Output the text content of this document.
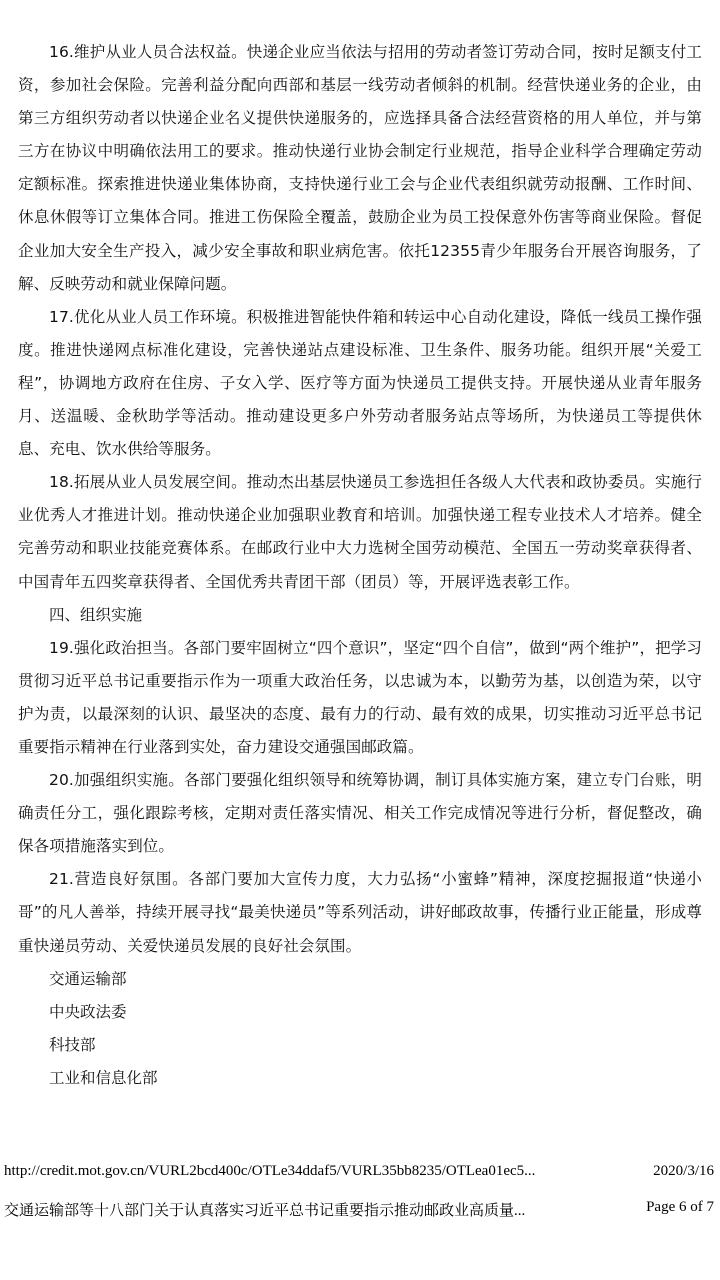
16.维护从业人员合法权益。快递企业应当依法与招用的劳动者签订劳动合同，按时足额支付工资，参加社会保险。完善利益分配向西部和基层一线劳动者倾斜的机制。经营快递业务的企业，由第三方组织劳动者以快递企业名义提供快递服务的，应选择具备合法经营资格的用人单位，并与第三方在协议中明确依法用工的要求。推动快递行业协会制定行业规范，指导企业科学合理确定劳动定额标准。探索推进快递业集体协商，支持快递行业工会与企业代表组织就劳动报酬、工作时间、休息休假等订立集体合同。推进工伤保险全覆盖，鼓励企业为员工投保意外伤害等商业保险。督促企业加大安全生产投入，减少安全事故和职业病危害。依托12355青少年服务台开展咨询服务，了解、反映劳动和就业保障问题。

17.优化从业人员工作环境。积极推进智能快件箱和转运中心自动化建设，降低一线员工操作强度。推进快递网点标准化建设，完善快递站点建设标准、卫生条件、服务功能。组织开展“关爱工程”，协调地方政府在住房、子女入学、医疗等方面为快递员工提供支持。开展快递从业青年服务月、送温暖、金秋助学等活动。推动建设更多户外劳动者服务站点等场所，为快递员工等提供休息、充电、饮水供给等服务。

18.拓展从业人员发展空间。推动杰出基层快递员工参选担任各级人大代表和政协委员。实施行业优秀人才推进计划。推动快递企业加强职业教育和培训。加强快递工程专业技术人才培养。健全完善劳动和职业技能竞赛体系。在邮政行业中大力选树全国劳动模范、全国五一劳动奖章获得者、中国青年五四奖章获得者、全国优秀共青团干部（团员）等，开展评选表彰工作。

四、组织实施

19.强化政治担当。各部门要牢固树立“四个意识”，坚定“四个自信”，做到“两个维护”，把学习贯彻习近平总书记重要指示作为一项重大政治任务，以忠诚为本，以勤劳为基，以创造为荣，以守护为责，以最深刻的认识、最坚决的态度、最有力的行动、最有效的成果，切实推动习近平总书记重要指示精神在行业落到实处，奋力建设交通强国邮政篇。

20.加强组织实施。各部门要强化组织领导和统筹协调，制订具体实施方案，建立专门台账，明确责任分工，强化跟踪考核，定期对责任落实情况、相关工作完成情况等进行分析，督促整改，确保各项措施落实到位。

21.营造良好氛围。各部门要加大宣传力度，大力弘扬“小蜜蜂”精神，深度挖掘报道“快递小哥”的凡人善举，持续开展寻找“最美快递员”等系列活动，讲好邮政故事，传播行业正能量，形成尊重快递员劳动、关爱快递员发展的良好社会氛围。

交通运输部

中央政法委

科技部

工业和信息化部

http://credit.mot.gov.cn/VURL2bcd400c/OTLe34ddaf5/VURL35bb8235/OTLea01ec5...	2020/3/16
交通运输部等十八部门关于认真落实习近平总书记重要指示推动邮政业高质量...	Page 6 of 7
